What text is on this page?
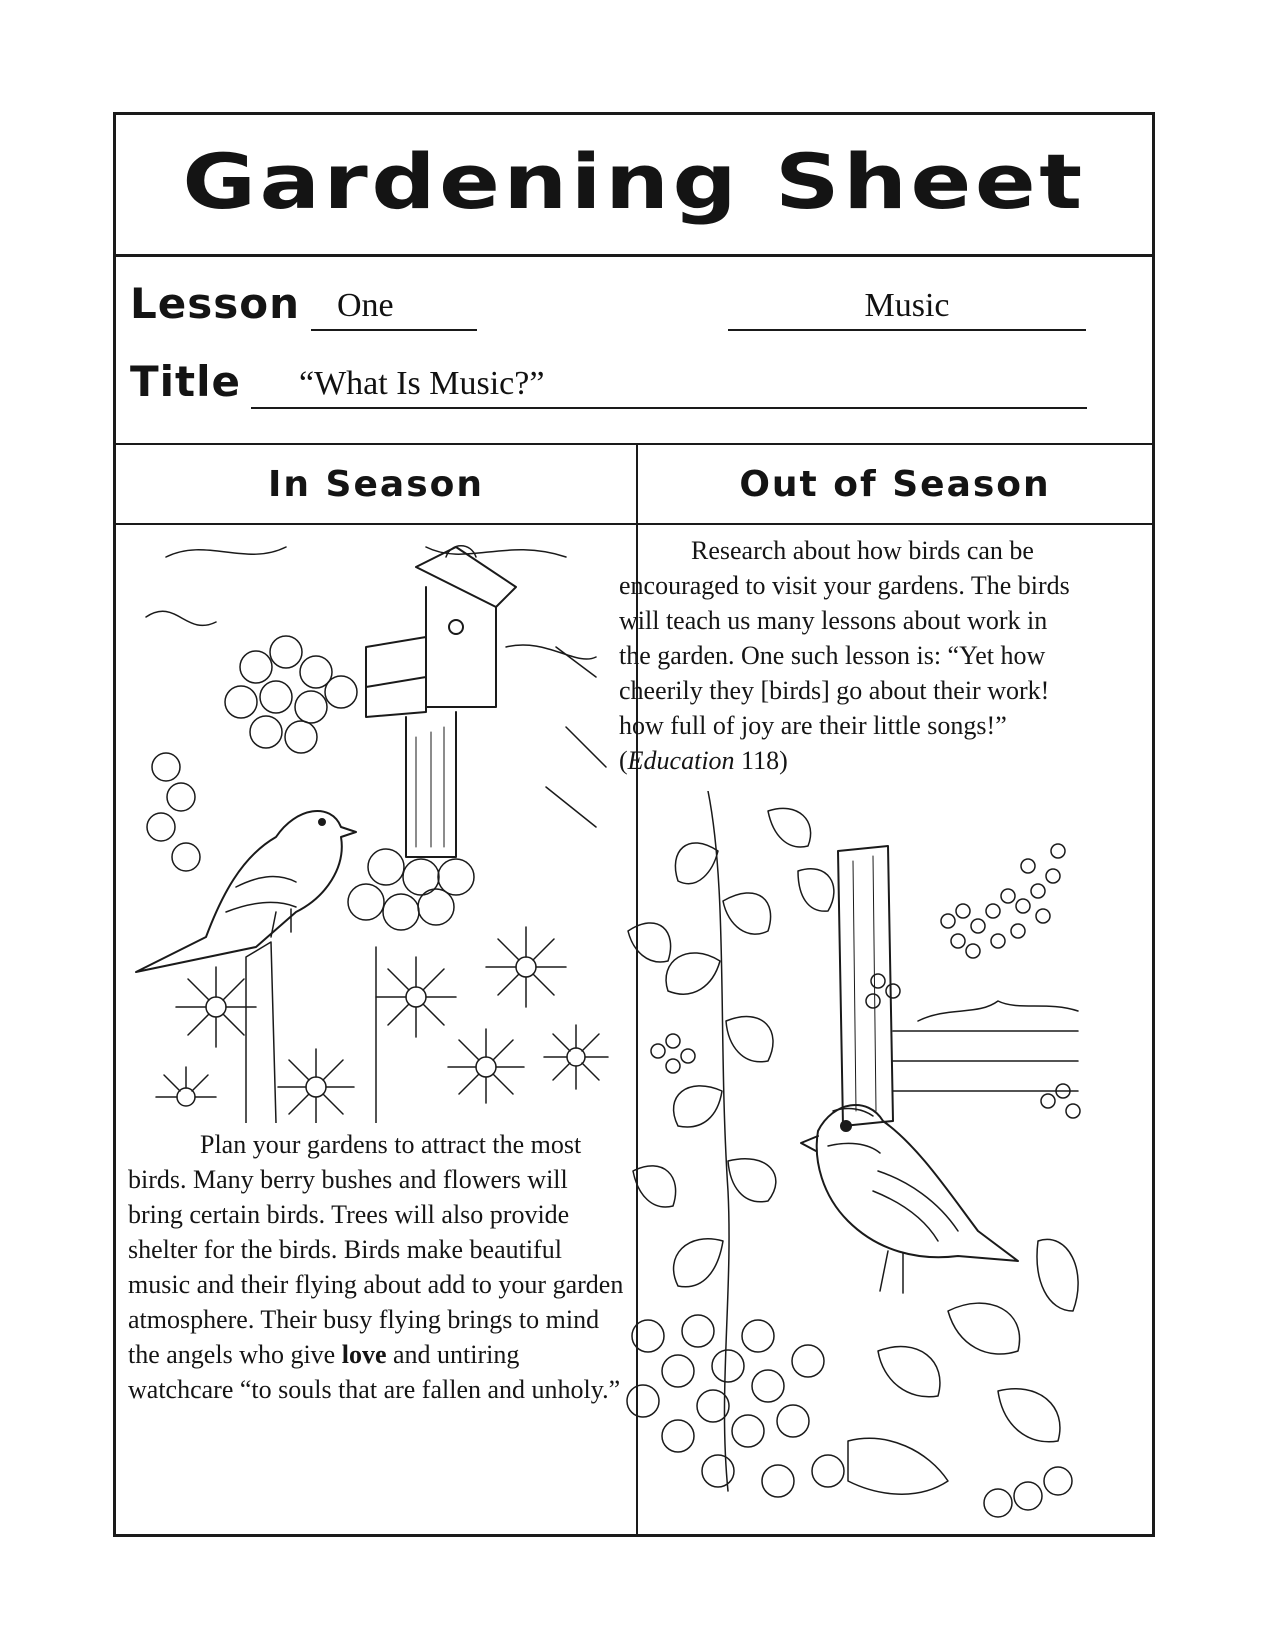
Gardening Sheet
Lesson One	Music
Title “What Is Music?”
In Season	Out of Season

Plan your gardens to attract the most birds. Many berry bushes and flowers will bring certain birds. Trees will also provide shelter for the birds. Birds make beautiful music and their flying about add to your garden atmosphere. Their busy flying brings to mind the angels who give love and untiring watchcare “to souls that are fallen and unholy.”

Research about how birds can be encouraged to visit your gardens. The birds will teach us many lessons about work in the garden. One such lesson is: “Yet how cheerily they [birds] go about their work! how full of joy are their little songs!” (Education 118)
